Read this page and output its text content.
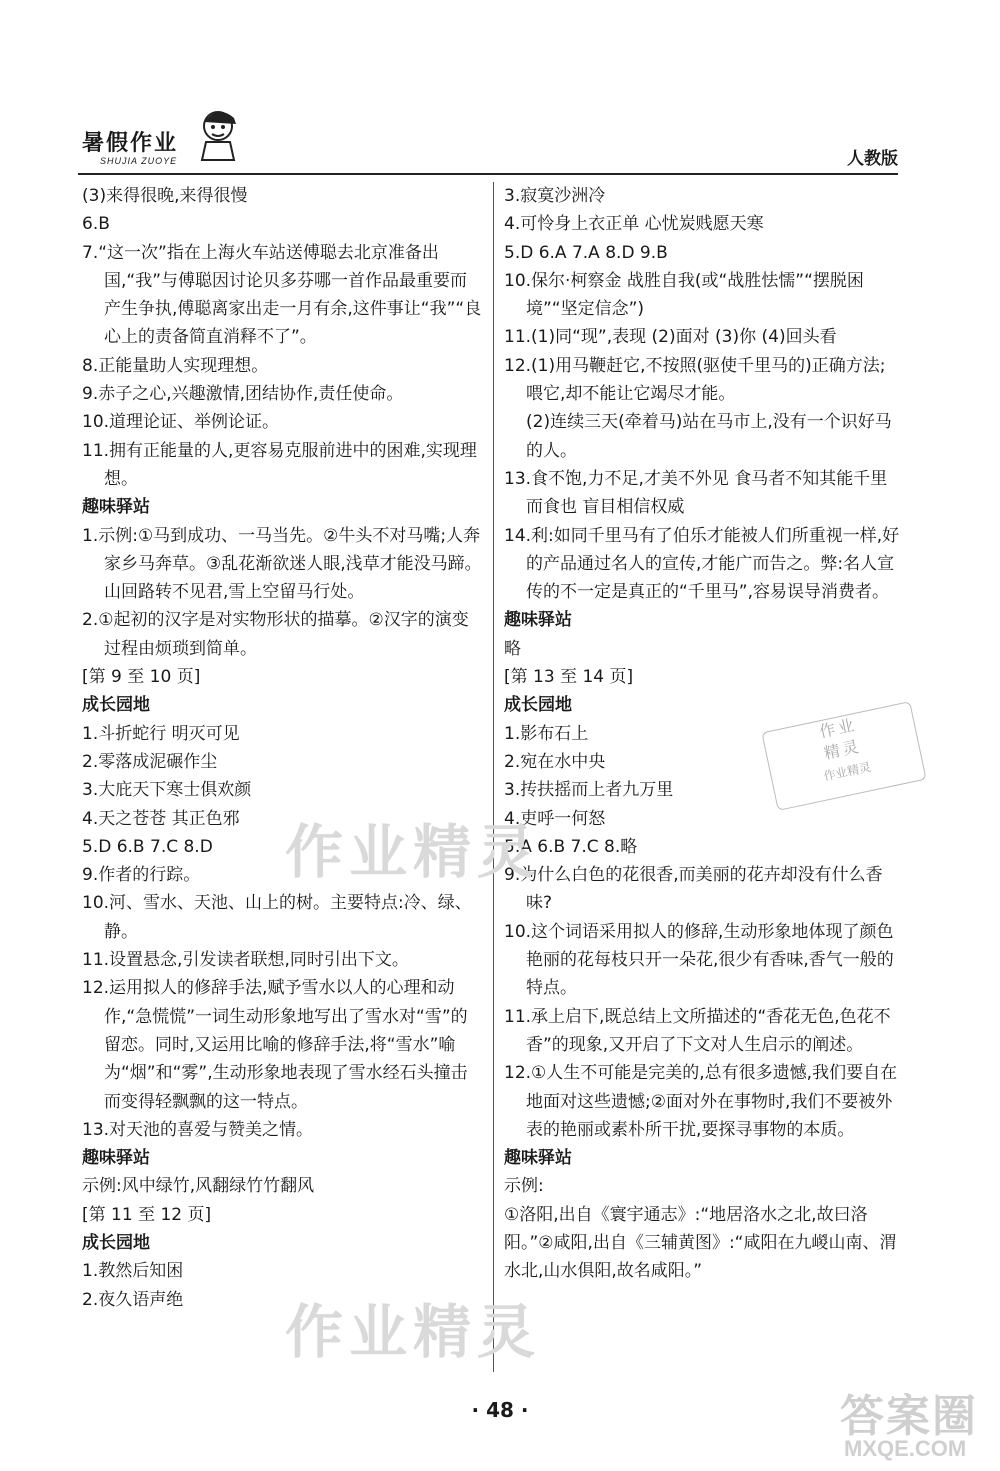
暑假作业
SHUJIA ZUOYE	人教版

(3)来得很晚,来得很慢

6.B

7.“这一次”指在上海火车站送傅聪去北京准备出国,“我”与傅聪因讨论贝多芬哪一首作品最重要而产生争执,傅聪离家出走一月有余,这件事让“我”“良心上的责备简直消释不了”。

8.正能量助人实现理想。

9.赤子之心,兴趣激情,团结协作,责任使命。

10.道理论证、举例论证。

11.拥有正能量的人,更容易克服前进中的困难,实现理想。

趣味驿站

1.示例:①马到成功、一马当先。②牛头不对马嘴;人奔家乡马奔草。③乱花渐欲迷人眼,浅草才能没马蹄。 山回路转不见君,雪上空留马行处。

2.①起初的汉字是对实物形状的描摹。②汉字的演变过程由烦琐到简单。

[第 9 至 10 页]

成长园地

1.斗折蛇行 明灭可见

2.零落成泥碾作尘

3.大庇天下寒士俱欢颜

4.天之苍苍 其正色邪

5.D 6.B 7.C 8.D

9.作者的行踪。

10.河、雪水、天池、山上的树。主要特点:冷、绿、静。

11.设置悬念,引发读者联想,同时引出下文。

12.运用拟人的修辞手法,赋予雪水以人的心理和动作,“急慌慌”一词生动形象地写出了雪水对“雪”的留恋。同时,又运用比喻的修辞手法,将“雪水”喻为“烟”和“雾”,生动形象地表现了雪水经石头撞击而变得轻飘飘的这一特点。

13.对天池的喜爱与赞美之情。

趣味驿站

示例:风中绿竹,风翻绿竹竹翻风

[第 11 至 12 页]

成长园地

1.教然后知困

2.夜久语声绝

3.寂寞沙洲冷

4.可怜身上衣正单 心忧炭贱愿天寒

5.D 6.A 7.A 8.D 9.B

10.保尔·柯察金 战胜自我(或“战胜怯懦”“摆脱困境”“坚定信念”)

11.(1)同“现”,表现 (2)面对 (3)你 (4)回头看

12.(1)用马鞭赶它,不按照(驱使千里马的)正确方法;喂它,却不能让它竭尽才能。

(2)连续三天(牵着马)站在马市上,没有一个识好马的人。

13.食不饱,力不足,才美不外见 食马者不知其能千里而食也 盲目相信权威

14.利:如同千里马有了伯乐才能被人们所重视一样,好的产品通过名人的宣传,才能广而告之。弊:名人宣传的不一定是真正的“千里马”,容易误导消费者。

趣味驿站

略

[第 13 至 14 页]

成长园地

1.影布石上

2.宛在水中央

3.抟扶摇而上者九万里

4.吏呼一何怒

5.A 6.B 7.C 8.略

9.为什么白色的花很香,而美丽的花卉却没有什么香味?

10.这个词语采用拟人的修辞,生动形象地体现了颜色艳丽的花每枝只开一朵花,很少有香味,香气一般的特点。

11.承上启下,既总结上文所描述的“香花无色,色花不香”的现象,又开启了下文对人生启示的阐述。

12.①人生不可能是完美的,总有很多遗憾,我们要自在地面对这些遗憾;②面对外在事物时,我们不要被外表的艳丽或素朴所干扰,要探寻事物的本质。

趣味驿站

示例:

①洛阳,出自《寰宇通志》:“地居洛水之北,故曰洛阳。”②咸阳,出自《三辅黄图》:“咸阳在九嵕山南、渭水北,山水俱阳,故名咸阳。”

作业
精灵
作业精灵
作业精灵
作业精灵
· 48 ·	答案圈
MXQE.COM
